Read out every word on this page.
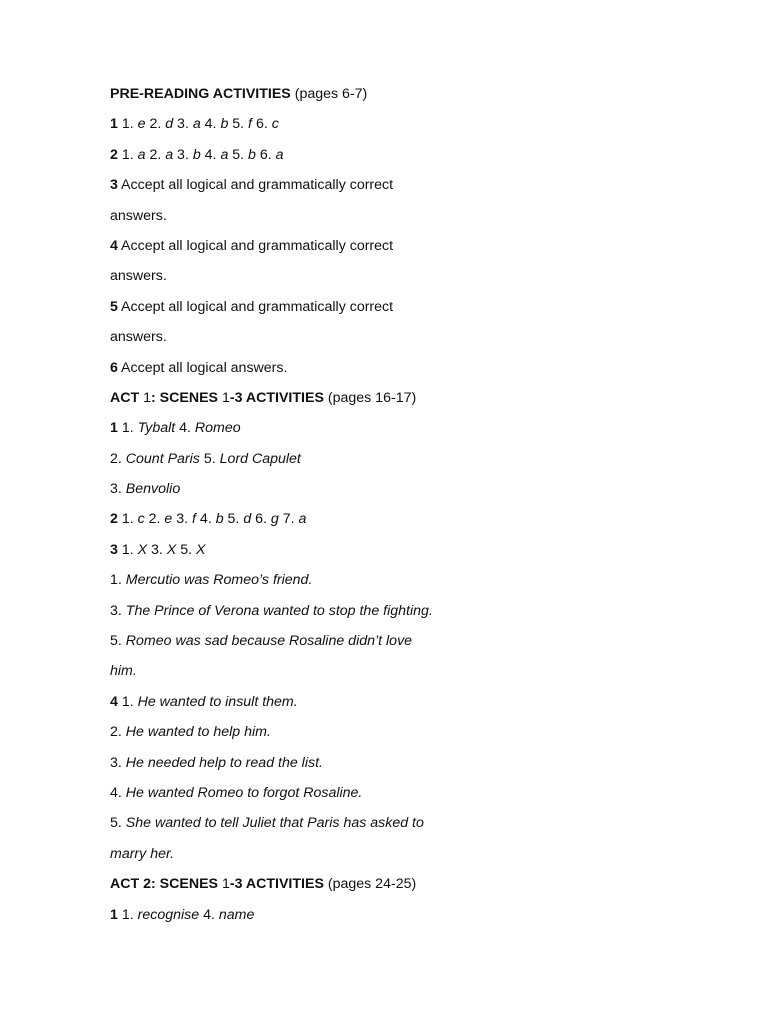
PRE-READING ACTIVITIES (pages 6-7)
1 1. e 2. d 3. a 4. b 5. f 6. c
2 1. a 2. a 3. b 4. a 5. b 6. a
3 Accept all logical and grammatically correct
answers.
4 Accept all logical and grammatically correct
answers.
5 Accept all logical and grammatically correct
answers.
6 Accept all logical answers.
ACT 1: SCENES 1-3 ACTIVITIES (pages 16-17)
1 1. Tybalt 4. Romeo
2. Count Paris 5. Lord Capulet
3. Benvolio
2 1. c 2. e 3. f 4. b 5. d 6. g 7. a
3 1. X 3. X 5. X
1. Mercutio was Romeo’s friend.
3. The Prince of Verona wanted to stop the fighting.
5. Romeo was sad because Rosaline didn’t love
him.
4 1. He wanted to insult them.
2. He wanted to help him.
3. He needed help to read the list.
4. He wanted Romeo to forgot Rosaline.
5. She wanted to tell Juliet that Paris has asked to
marry her.
ACT 2: SCENES 1-3 ACTIVITIES (pages 24-25)
1 1. recognise 4. name
